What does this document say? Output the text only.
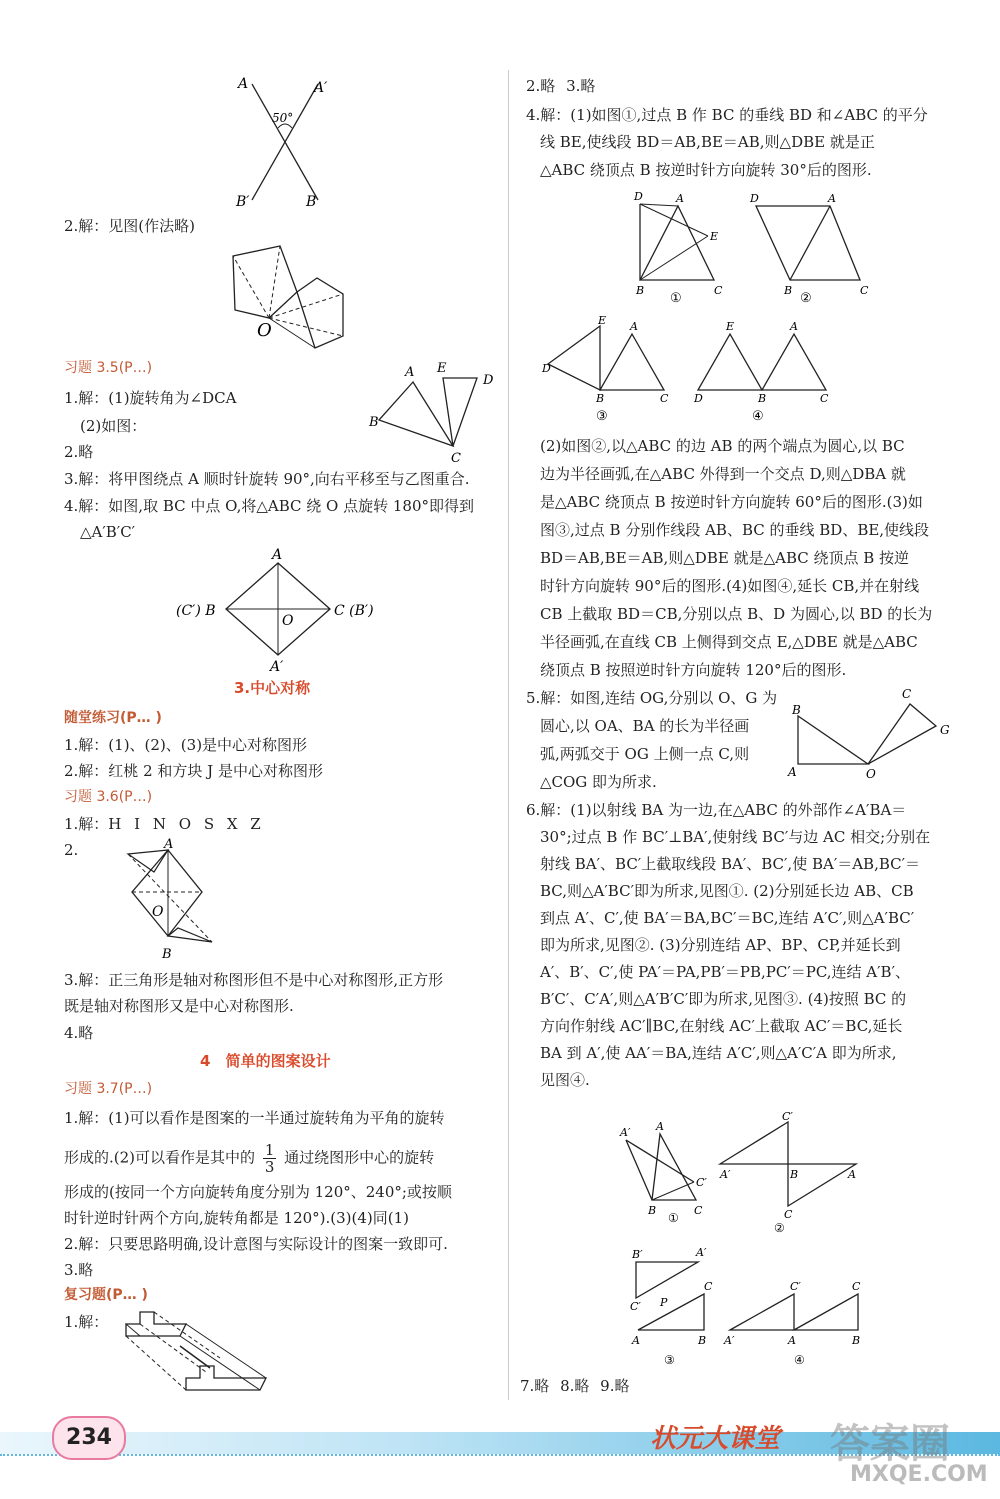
A	A′
50°
B′	B
2.解：见图(作法略)
O
习题 3.5(P…)
1.解：(1)旋转角为∠DCA
(2)如图：
A E
D
B
C
2.略
3.解：将甲图绕点 A 顺时针旋转 90°,向右平移至与乙图重合.
4.解：如图,取 BC 中点 O,将△ABC 绕 O 点旋转 180°即得到
△A′B′C′
A
O
A′
(C′) B	C (B′)
3.中心对称
随堂练习(P… )
1.解：(1)、(2)、(3)是中心对称图形
2.解：红桃 2 和方块 J 是中心对称图形
习题 3.6(P…)
1.解：H I N O S X Z
2.	A
O
B
3.解：正三角形是轴对称图形但不是中心对称图形,正方形
既是轴对称图形又是中心对称图形.
4.略
4 简单的图案设计
习题 3.7(P…)
1.解：(1)可以看作是图案的一半通过旋转角为平角的旋转
形成的.(2)可以看作是其中的 $\frac{1}{3}$ 通过绕图形中心的旋转
形成的(按同一个方向旋转角度分别为 120°、240°;或按顺
时针逆时针两个方向,旋转角都是 120°).(3)(4)同(1)
2.解：只要思路明确,设计意图与实际设计的图案一致即可.
3.略
复习题(P… )
1.解：
2.略 3.略
4.解：(1)如图①,过点 B 作 BC 的垂线 BD 和∠ABC 的平分
线 BE,使线段 BD＝AB,BE＝AB,则△DBE 就是正
△ABC 绕顶点 B 按逆时针方向旋转 30°后的图形.
D	A
E
B	C
①
D	A
B	C
②
E A
D
B	C
③
E	A
D	B	C
④
(2)如图②,以△ABC 的边 AB 的两个端点为圆心,以 BC
边为半径画弧,在△ABC 外得到一个交点 D,则△DBA 就
是△ABC 绕顶点 B 按逆时针方向旋转 60°后的图形.(3)如
图③,过点 B 分别作线段 AB、BC 的垂线 BD、BE,使线段
BD＝AB,BE＝AB,则△DBE 就是△ABC 绕顶点 B 按逆
时针方向旋转 90°后的图形.(4)如图④,延长 CB,并在射线
CB 上截取 BD＝CB,分别以点 B、D 为圆心,以 BD 的长为
半径画弧,在直线 CB 上侧得到交点 E,△DBE 就是△ABC
绕顶点 B 按照逆时针方向旋转 120°后的图形.
5.解：如图,连结 OG,分别以 O、G 为
圆心,以 OA、BA 的长为半径画
弧,两弧交于 OG 上侧一点 C,则
△COG 即为所求.
B
A	O
C
G
6.解：(1)以射线 BA 为一边,在△ABC 的外部作∠A′BA＝
30°;过点 B 作 BC′⊥BA′,使射线 BC′与边 AC 相交;分别在
射线 BA′、BC′上截取线段 BA′、BC′,使 BA′＝AB,BC′＝
BC,则△A′BC′即为所求,见图①. (2)分别延长边 AB、CB
到点 A′、C′,使 BA′＝BA,BC′＝BC,连结 A′C′,则△A′BC′
即为所求,见图②. (3)分别连结 AP、BP、CP,并延长到
A′、B′、C′,使 PA′＝PA,PB′＝PB,PC′＝PC,连结 A′B′、
B′C′、C′A′,则△A′B′C′即为所求,见图③. (4)按照 BC 的
方向作射线 AC′∥BC,在射线 AC′上截取 AC′＝BC,延长
BA 到 A′,使 AA′＝BA,连结 A′C′,则△A′C′A 即为所求,
见图④.
A′ A
C′
B	C
①
C′
A′	B	A
C
②
B′	A′
C′ P
C
A	B
③
C′	C
A′	A	B
④
7.略 8.略 9.略
234	状元大课堂 答案圈
MXQE.COM
